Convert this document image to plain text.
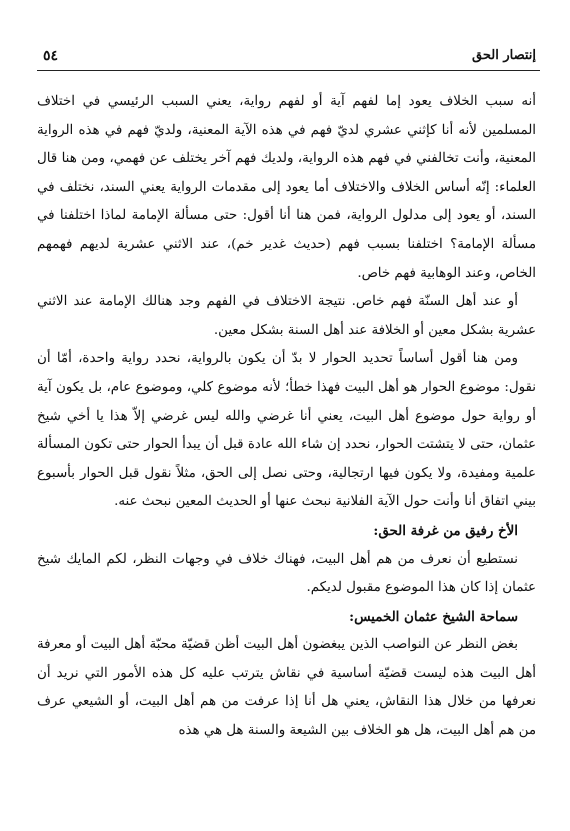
٥٤	إنتصار الحق

أنه سبب الخلاف يعود إما لفهم آية أو لفهم رواية، يعني السبب الرئيسي في اختلاف المسلمين لأنه أنا كإثني عشري لديّ فهم في هذه الآية المعنية، ولديّ فهم في هذه الرواية المعنية، وأنت تخالفني في فهم هذه الرواية، ولديك فهم آخر يختلف عن فهمي، ومن هنا قال العلماء: إنّه أساس الخلاف والاختلاف أما يعود إلى مقدمات الرواية يعني السند، نختلف في السند، أو يعود إلى مدلول الرواية، فمن هنا أنا أقول: حتى مسألة الإمامة لماذا اختلفنا في مسألة الإمامة؟ اختلفنا بسبب فهم (حديث غدير خم)، عند الاثني عشرية لديهم فهمهم الخاص، وعند الوهابية فهم خاص.

أو عند أهل السنّة فهم خاص. نتيجة الاختلاف في الفهم وجد هنالك الإمامة عند الاثني عشرية بشكل معين أو الخلافة عند أهل السنة بشكل معين.

ومن هنا أقول أساساً تحديد الحوار لا بدّ أن يكون بالرواية، نحدد رواية واحدة، أمّا أن نقول: موضوع الحوار هو أهل البيت فهذا خطأ؛ لأنه موضوع كلي، وموضوع عام، بل يكون آية أو رواية حول موضوع أهل البيت، يعني أنا غرضي والله ليس غرضي إلاّ هذا يا أخي شيخ عثمان، حتى لا يتشتت الحوار، نحدد إن شاء الله عادة قبل أن يبدأ الحوار حتى تكون المسألة علمية ومفيدة، ولا يكون فيها ارتجالية، وحتى نصل إلى الحق، مثلاً نقول قبل الحوار بأسبوع بيني اتفاق أنا وأنت حول الآية الفلانية نبحث عنها أو الحديث المعين نبحث عنه.

الأخ رفيق من غرفة الحق:

نستطيع أن نعرف من هم أهل البيت، فهناك خلاف في وجهات النظر، لكم المايك شيخ عثمان إذا كان هذا الموضوع مقبول لديكم.

سماحة الشيخ عثمان الخميس:

بغض النظر عن النواصب الذين يبغضون أهل البيت أظن قضيّة محبّة أهل البيت أو معرفة أهل البيت هذه ليست قضيّة أساسية في نقاش يترتب عليه كل هذه الأمور التي نريد أن نعرفها من خلال هذا النقاش، يعني هل أنا إذا عرفت من هم أهل البيت، أو الشيعي عرف من هم أهل البيت، هل هو الخلاف بين الشيعة والسنة هل هي هذه
